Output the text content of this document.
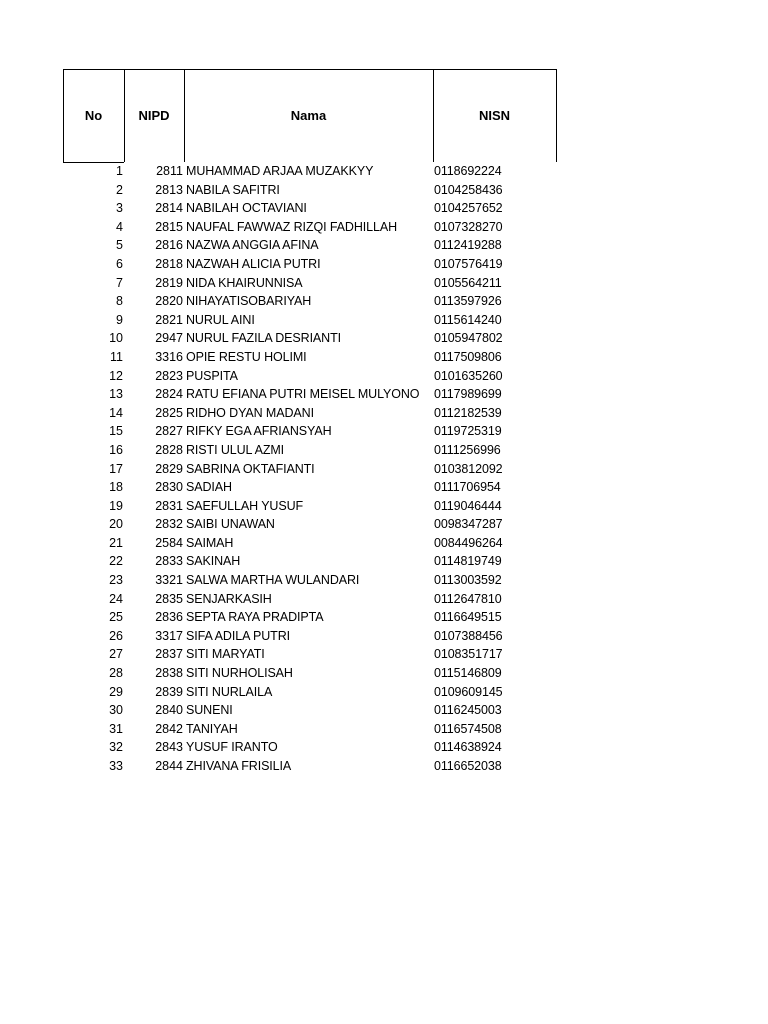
No	NIPD	Nama	NISN
1	2811 MUHAMMAD ARJAA MUZAKKYY	0118692224
2	2813 NABILA SAFITRI	0104258436
3	2814 NABILAH OCTAVIANI	0104257652
4	2815 NAUFAL FAWWAZ RIZQI FADHILLAH	0107328270
5	2816 NAZWA ANGGIA AFINA	0112419288
6	2818 NAZWAH ALICIA PUTRI	0107576419
7	2819 NIDA KHAIRUNNISA	0105564211
8	2820 NIHAYATISOBARIYAH	0113597926
9	2821 NURUL AINI	0115614240
10	2947 NURUL FAZILA DESRIANTI	0105947802
11	3316 OPIE RESTU HOLIMI	0117509806
12	2823 PUSPITA	0101635260
13	2824 RATU EFIANA PUTRI MEISEL MULYONO	0117989699
14	2825 RIDHO DYAN MADANI	0112182539
15	2827 RIFKY EGA AFRIANSYAH	0119725319
16	2828 RISTI ULUL AZMI	0111256996
17	2829 SABRINA OKTAFIANTI	0103812092
18	2830 SADIAH	0111706954
19	2831 SAEFULLAH YUSUF	0119046444
20	2832 SAIBI UNAWAN	0098347287
21	2584 SAIMAH	0084496264
22	2833 SAKINAH	0114819749
23	3321 SALWA MARTHA WULANDARI	0113003592
24	2835 SENJARKASIH	0112647810
25	2836 SEPTA RAYA PRADIPTA	0116649515
26	3317 SIFA ADILA PUTRI	0107388456
27	2837 SITI MARYATI	0108351717
28	2838 SITI NURHOLISAH	0115146809
29	2839 SITI NURLAILA	0109609145
30	2840 SUNENI	0116245003
31	2842 TANIYAH	0116574508
32	2843 YUSUF IRANTO	0114638924
33	2844 ZHIVANA FRISILIA	0116652038
